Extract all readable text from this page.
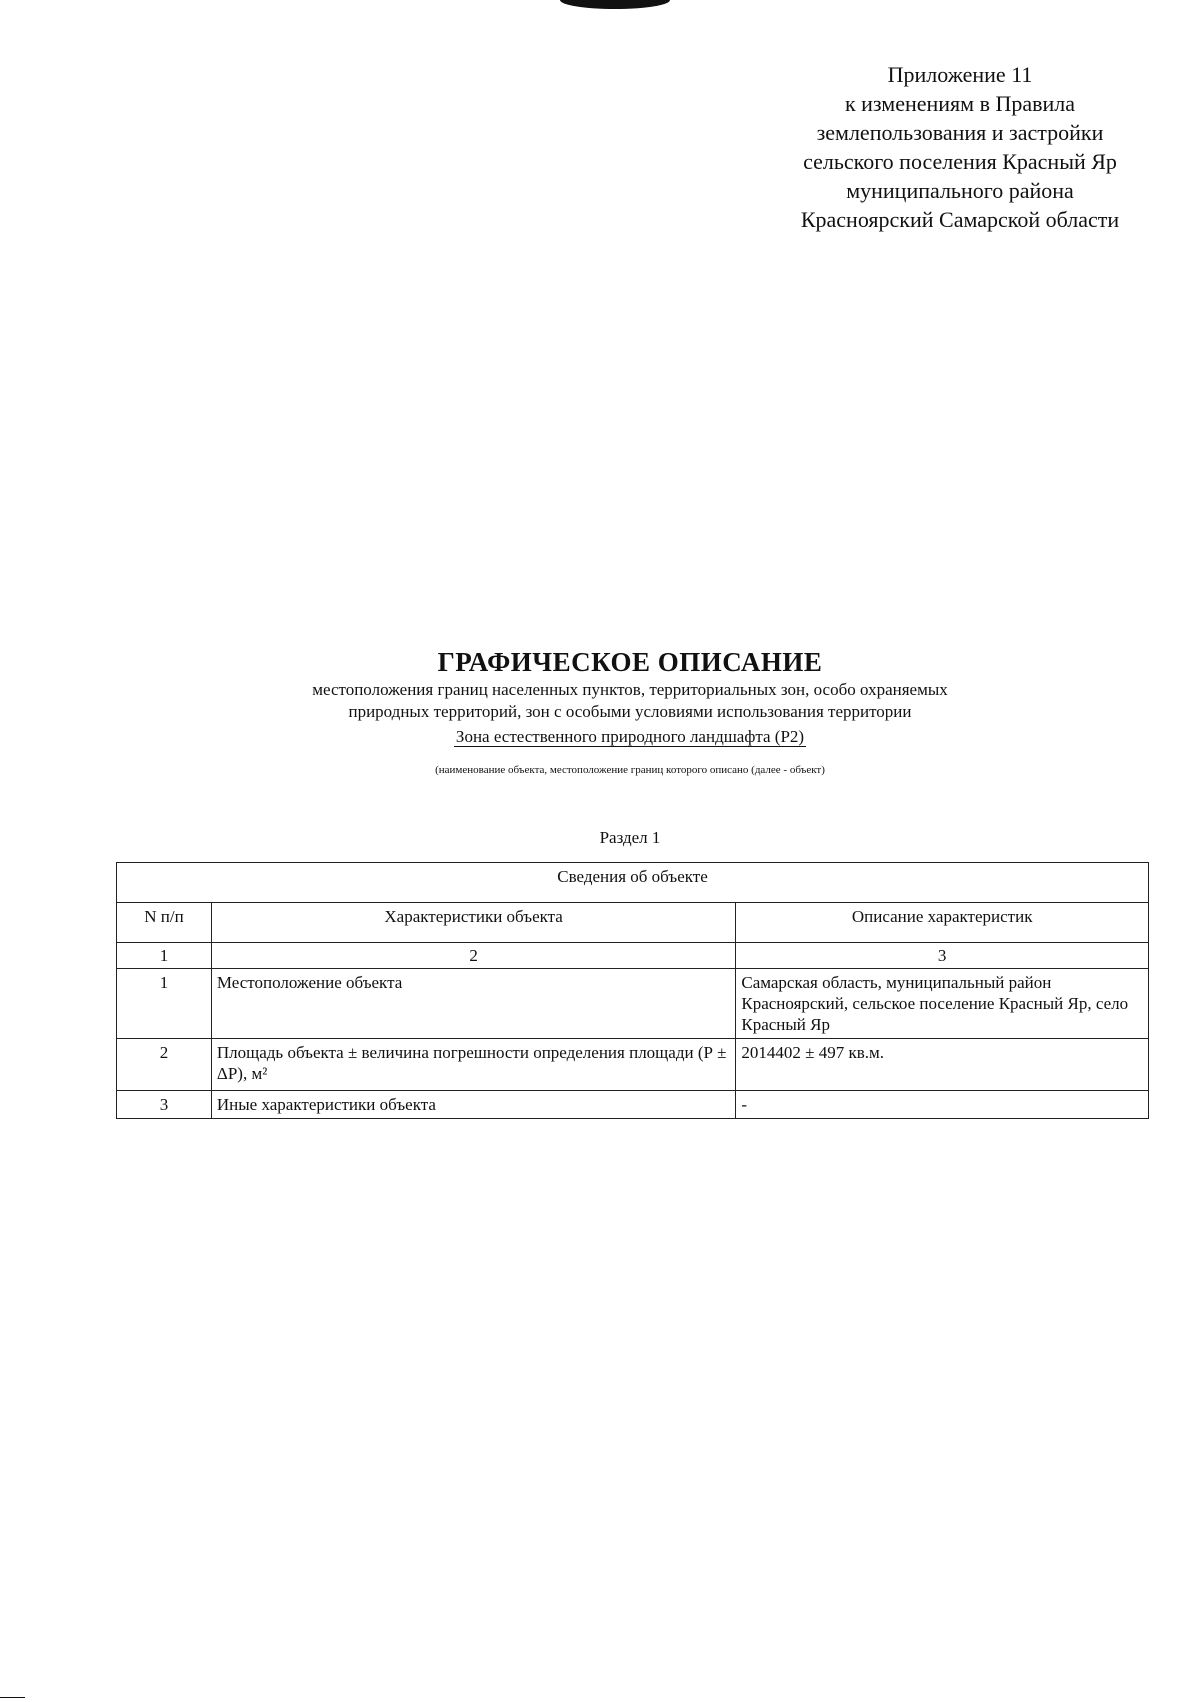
Приложение 11
к изменениям в Правила
землепользования и застройки
сельского поселения Красный Яр
муниципального района
Красноярский Самарской области
ГРАФИЧЕСКОЕ ОПИСАНИЕ
местоположения границ населенных пунктов, территориальных зон, особо охраняемых
природных территорий, зон с особыми условиями использования территории
Зона естественного природного ландшафта (Р2)
(наименование объекта, местоположение границ которого описано (далее - объект)
Раздел 1
Сведения об объекте		
N п/п	Характеристики объекта	Описание характеристик
1	2	3
1	Местоположение объекта	Самарская область, муниципальный район Красноярский, сельское поселение Красный Яр, село Красный Яр
2	Площадь объекта ± величина погрешности определения площади (Р ± ΔР), м²	2014402 ± 497 кв.м.
3	Иные характеристики объекта	-
